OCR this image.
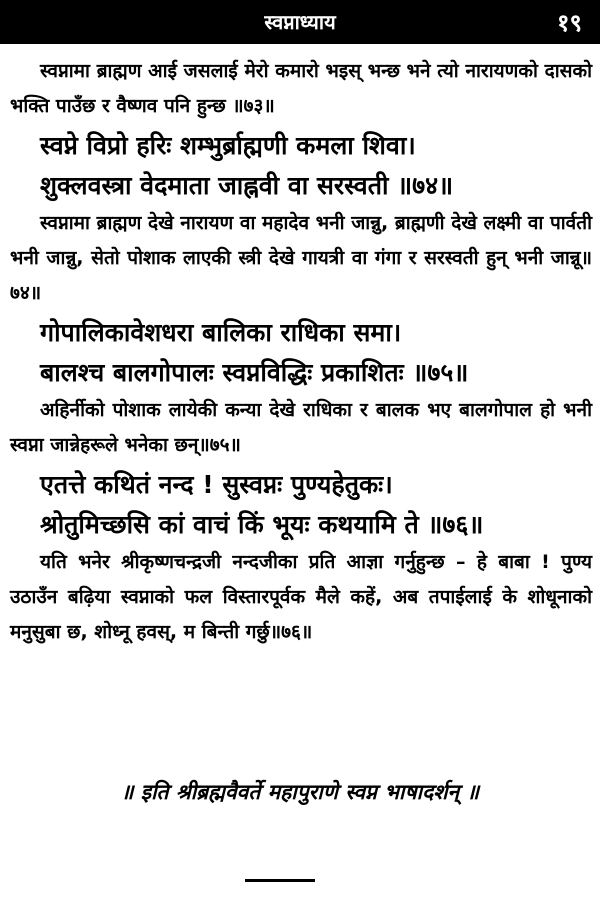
स्वप्नाध्याय	१९

स्वप्नामा ब्राह्मण आई जसलाई मेरो कमारो भइस् भन्छ भने त्यो नारायणको दासको भक्ति पाउँछ र वैष्णव पनि हुन्छ ॥७३॥

स्वप्ने विप्रो हरिः शम्भुर्ब्राह्मणी कमला शिवा।
शुक्लवस्त्रा वेदमाता जाह्नवी वा सरस्वती ॥७४॥

स्वप्नामा ब्राह्मण देखे नारायण वा महादेव भनी जान्नु, ब्राह्मणी देखे लक्ष्मी वा पार्वती भनी जान्नु, सेतो पोशाक लाएकी स्त्री देखे गायत्री वा गंगा र सरस्वती हुन् भनी जान्नू॥७४॥

गोपालिकावेशधरा बालिका राधिका समा।
बालश्च बालगोपालः स्वप्नविद्धिः प्रकाशितः ॥७५॥

अहिर्नीको पोशाक लायेकी कन्या देखे राधिका र बालक भए बालगोपाल हो भनी स्वप्ना जान्नेहरूले भनेका छन्॥७५॥

एतत्ते कथितं नन्द ! सुस्वप्नः पुण्यहेतुकः।
श्रोतुमिच्छसि कां वाचं किं भूयः कथयामि ते ॥७६॥

यति भनेर श्रीकृष्णचन्द्रजी नन्दजीका प्रति आज्ञा गर्नुहुन्छ – हे बाबा ! पुण्य उठाउँन बढ़िया स्वप्नाको फल विस्तारपूर्वक मैले कहें, अब तपाईलाई के शोधूनाको मनुसुबा छ, शोध्नू हवस्, म बिन्ती गर्छु॥७६॥

॥ इति श्रीब्रह्मवैवर्ते महापुराणे स्वप्न भाषादर्शन् ॥
